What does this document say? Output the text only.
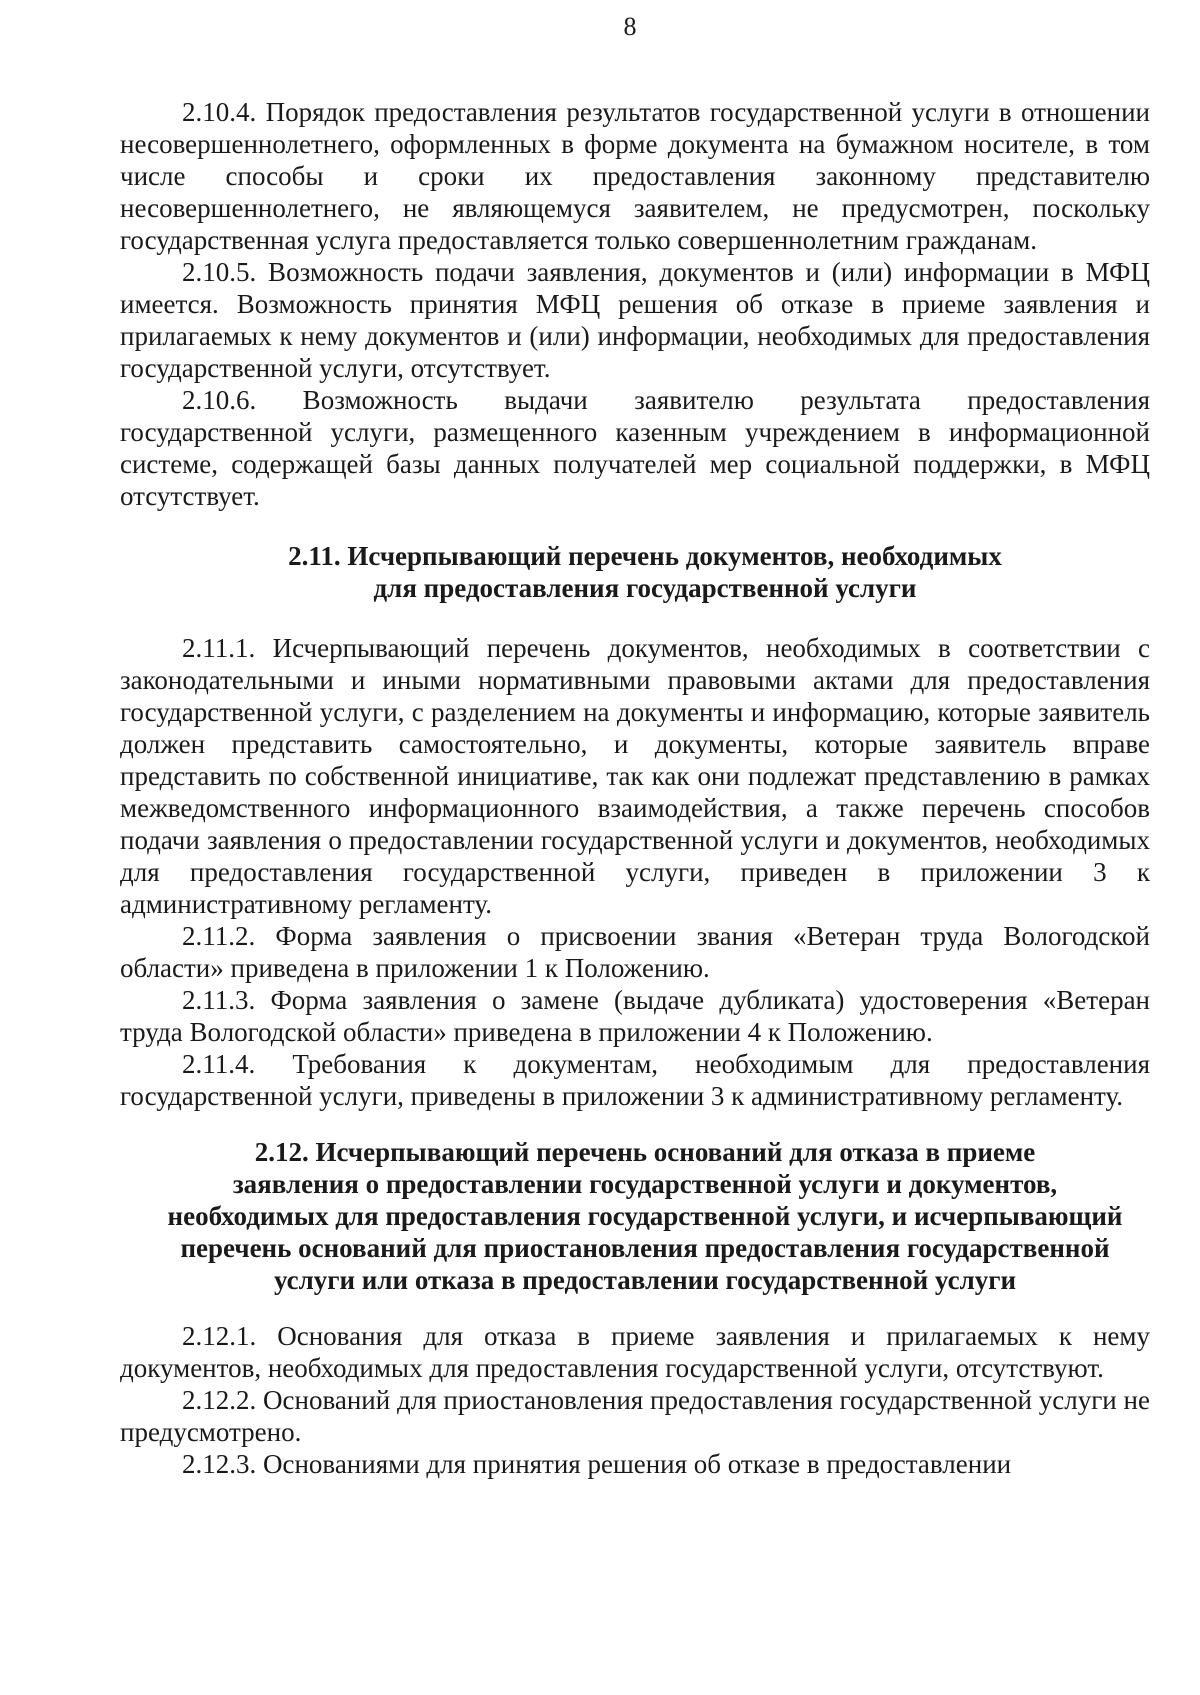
8

2.10.4. Порядок предоставления результатов государственной услуги в отношении несовершеннолетнего, оформленных в форме документа на бумажном носителе, в том числе способы и сроки их предоставления законному представителю несовершеннолетнего, не являющемуся заявителем, не предусмотрен, поскольку государственная услуга предоставляется только совершеннолетним гражданам.

2.10.5. Возможность подачи заявления, документов и (или) информации в МФЦ имеется. Возможность принятия МФЦ решения об отказе в приеме заявления и прилагаемых к нему документов и (или) информации, необходимых для предоставления государственной услуги, отсутствует.

2.10.6. Возможность выдачи заявителю результата предоставления государственной услуги, размещенного казенным учреждением в информационной системе, содержащей базы данных получателей мер социальной поддержки, в МФЦ отсутствует.

2.11. Исчерпывающий перечень документов, необходимых
для предоставления государственной услуги

2.11.1. Исчерпывающий перечень документов, необходимых в соответствии с законодательными и иными нормативными правовыми актами для предоставления государственной услуги, с разделением на документы и информацию, которые заявитель должен представить самостоятельно, и документы, которые заявитель вправе представить по собственной инициативе, так как они подлежат представлению в рамках межведомственного информационного взаимодействия, а также перечень способов подачи заявления о предоставлении государственной услуги и документов, необходимых для предоставления государственной услуги, приведен в приложении 3 к административному регламенту.

2.11.2. Форма заявления о присвоении звания «Ветеран труда Вологодской области» приведена в приложении 1 к Положению.

2.11.3. Форма заявления о замене (выдаче дубликата) удостоверения «Ветеран труда Вологодской области» приведена в приложении 4 к Положению.

2.11.4. Требования к документам, необходимым для предоставления государственной услуги, приведены в приложении 3 к административному регламенту.

2.12. Исчерпывающий перечень оснований для отказа в приеме
заявления о предоставлении государственной услуги и документов,
необходимых для предоставления государственной услуги, и исчерпывающий
перечень оснований для приостановления предоставления государственной
услуги или отказа в предоставлении государственной услуги

2.12.1. Основания для отказа в приеме заявления и прилагаемых к нему документов, необходимых для предоставления государственной услуги, отсутствуют.

2.12.2. Оснований для приостановления предоставления государственной услуги не предусмотрено.

2.12.3. Основаниями для принятия решения об отказе в предоставлении
